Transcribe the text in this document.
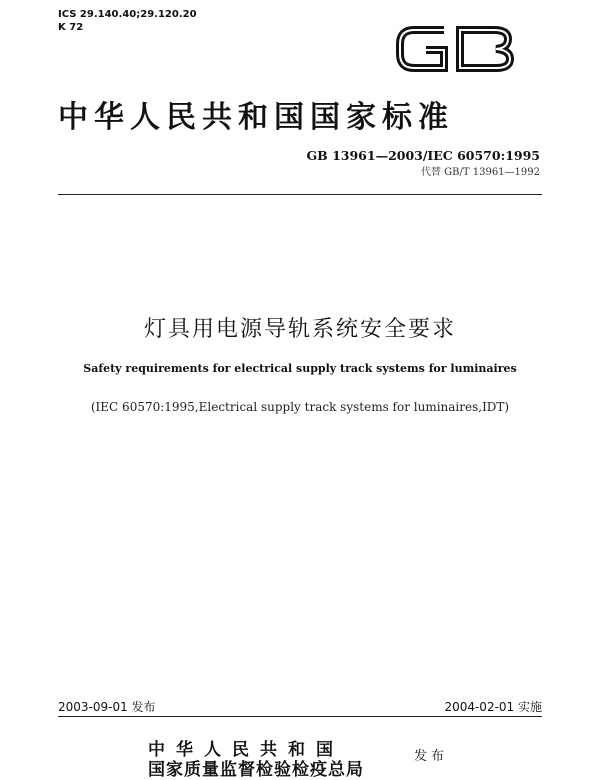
ICS 29.140.40;29.120.20
K 72
中华人民共和国国家标准
GB 13961—2003/IEC 60570:1995
代替 GB/T 13961—1992
灯具用电源导轨系统安全要求
Safety requirements for electrical supply track systems for luminaires
(IEC 60570:1995,Electrical supply track systems for luminaires,IDT)
2003-09-01 发布	2004-02-01 实施
中华人民共和国
国家质量监督检验检疫总局
发布
